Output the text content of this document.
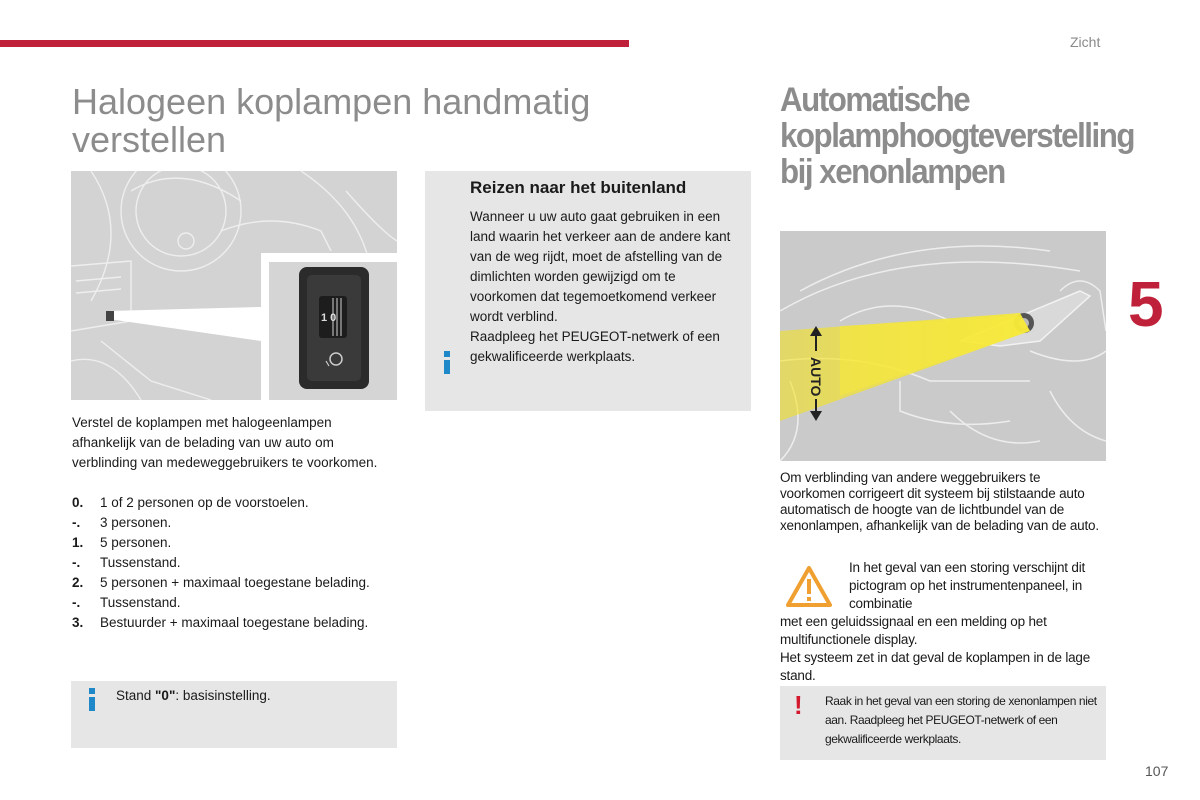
Zicht
5
107
Halogeen koplampen handmatig verstellen
Automatische koplamphoogteverstelling bij xenonlampen
1 0
Verstel de koplampen met halogeenlampen afhankelijk van de belading van uw auto om verblinding van medeweggebruikers te voorkomen.
0.	1 of 2 personen op de voorstoelen.
-.	3 personen.
1.	5 personen.
-.	Tussenstand.
2.	5 personen + maximaal toegestane belading.
-.	Tussenstand.
3.	Bestuurder + maximaal toegestane belading.
Reizen naar het buitenland
Wanneer u uw auto gaat gebruiken in een land waarin het verkeer aan de andere kant van de weg rijdt, moet de afstelling van de dimlichten worden gewijzigd om te voorkomen dat tegemoetkomend verkeer wordt verblind.
Raadpleeg het PEUGEOT-netwerk of een gekwalificeerde werkplaats.
Stand "0": basisinstelling.
AUTO
Om verblinding van andere weggebruikers te voorkomen corrigeert dit systeem bij stilstaande auto automatisch de hoogte van de lichtbundel van de xenonlampen, afhankelijk van de belading van de auto.
In het geval van een storing verschijnt dit pictogram op het instrumentenpaneel, in combinatie
met een geluidssignaal en een melding op het multifunctionele display.
Het systeem zet in dat geval de koplampen in de lage stand.
! Raak in het geval van een storing de xenonlampen niet aan. Raadpleeg het PEUGEOT-netwerk of een gekwalificeerde werkplaats.
